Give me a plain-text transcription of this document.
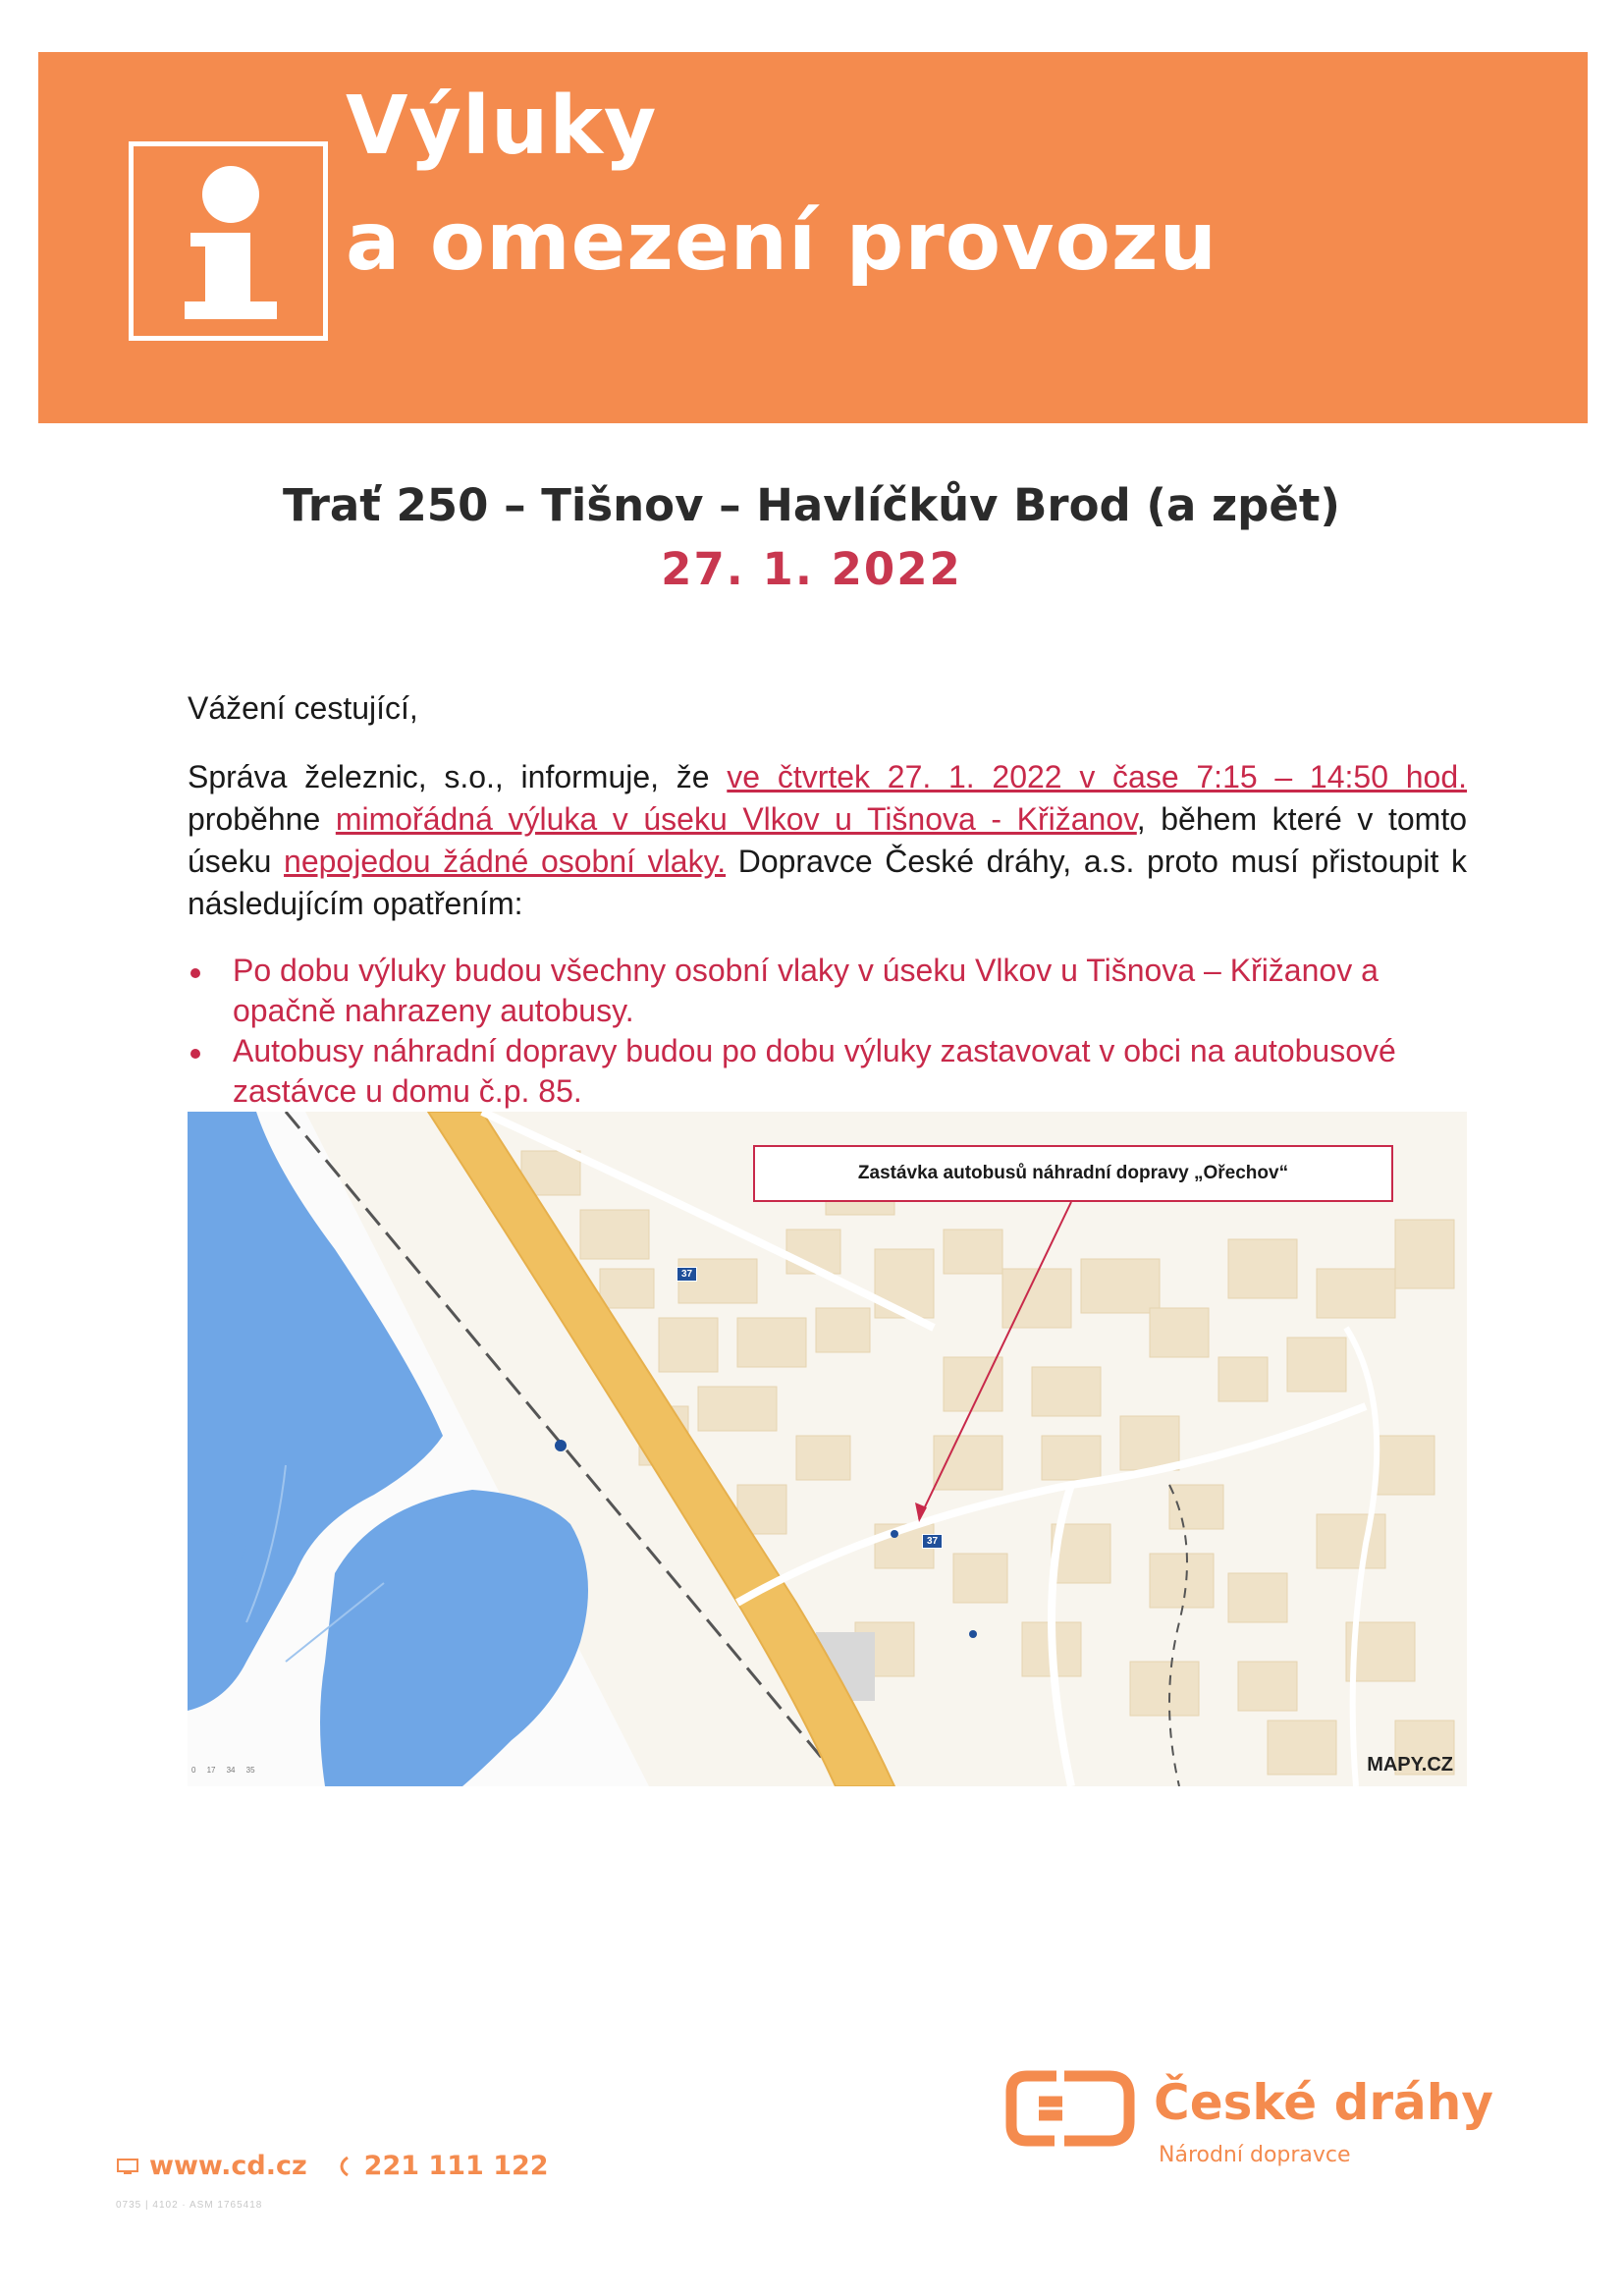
Výluky
a omezení provozu
Trať 250 – Tišnov – Havlíčkův Brod (a zpět)
27. 1. 2022
Vážení cestující,
Správa železnic, s.o., informuje, že ve čtvrtek 27. 1. 2022 v čase 7:15 – 14:50 hod. proběhne mimořádná výluka v úseku Vlkov u Tišnova - Křižanov, během které v tomto úseku nepojedou žádné osobní vlaky. Dopravce České dráhy, a.s. proto musí přistoupit k následujícím opatřením:
Po dobu výluky budou všechny osobní vlaky v úseku Vlkov u Tišnova – Křižanov a opačně nahrazeny autobusy.
Autobusy náhradní dopravy budou po dobu výluky zastavovat v obci na autobusové zastávce u domu č.p. 85.
37
37
Zastávka autobusů náhradní dopravy „Ořechov“
0 17 34 35	MAPY.CZ
České dráhy
Národní dopravce
www.cd.cz 221 111 122
0735 | 4102 · ASM 1765418
